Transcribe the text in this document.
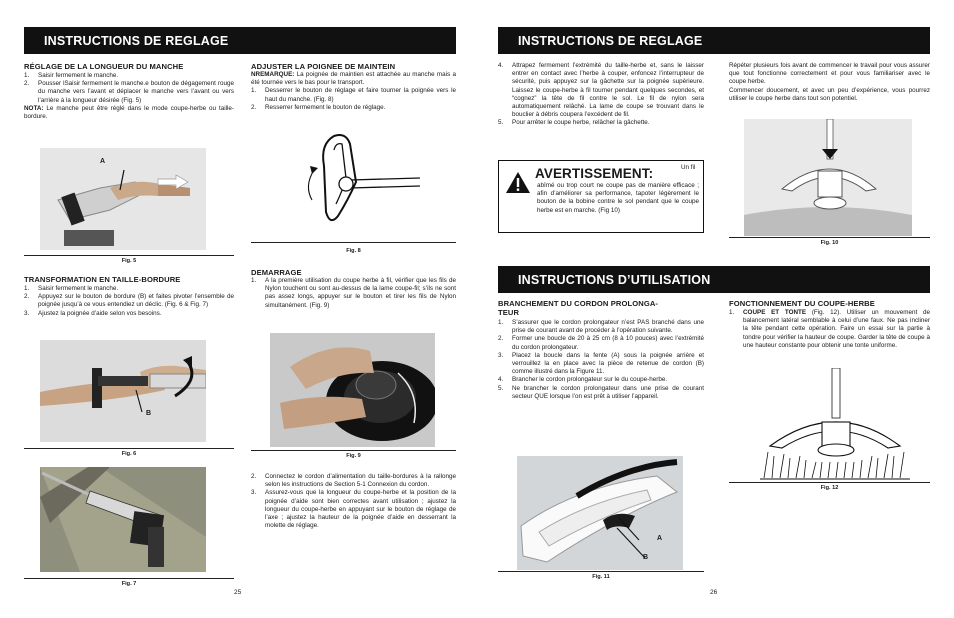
INSTRUCTIONS DE REGLAGE
RÉGLAGE DE LA LONGUEUR DU MANCHE
1.	Saisir fermement le manche.
2.	Pousser lSaisir fermement le manche.e bouton de dégagement rouge du manche vers l’avant et déplacer le manche vers l’avant ou vers l’arrière à la longueur désirée (Fig. 5)
NOTA: Le manche peut être réglé dans le mode coupe-herbe ou taille-bordure.
A
Fig. 5
TRANSFORMATION EN TAILLE-BORDURE
1.	Saisir fermement le manche.
2.	Appuyez sur le bouton de bordure (B) et faites pivoter l’ensemble de poignée jusqu’à ce vous entendiez un déclic. (Fig. 6 & Fig. 7)
3.	Ajustez la poignée d’aide selon vos besoins.
B
Fig. 6
Fig. 7
ADJUSTER LA POIGNEE DE MAINTEIN
NREMARQUE: La poignée de maintien est attachée au manche mais a été tournée vers le bas pour le transport.
1.	Desserrer le bouton de réglage et faire tourner la poignée vers le haut du manche. (Fig. 8)
2.	Resserrer fermement le bouton de réglage.
Fig. 8
DEMARRAGE
1.	A la première utilisation du coupe herbe à fil, vérifier que les fils de Nylon touchent ou sont au-dessus de la lame coupe-fil; s’ils ne sont pas assez longs, appuyer sur le bouton et tirer les fils de Nylon simultanément. (Fig. 9)
Fig. 9
2.	Connectez le cordon d’alimentation du taille-bordures à la rallonge selon les instructions de Section 5-1 Connexion du cordon.
3.	Assurez-vous que la longueur du coupe-herbe et la position de la poignée d’aide sont bien correctes avant utilisation ; ajustez la longueur du coupe-herbe en appuyant sur le bouton de réglage de l’axe ; ajustez la hauteur de la poignée d’aide en desserrant la molette de réglage.
25
INSTRUCTIONS DE REGLAGE
4.	Attrapez fermement l’extrémité du taille-herbe et, sans le laisser entrer en contact avec l’herbe à couper, enfoncez l’interrupteur de sécurité, puis appuyez sur la gâchette sur la poignée supérieure. Laissez le coupe-herbe à fil tourner pendant quelques secondes, et “cognez” la tête de fil contre le sol. Le fil de nylon sera automatiquement relâché. La lame de coupe se trouvant dans le bouclier à débris coupera l’excédent de fil.
5.	Pour arrêter le coupe herbe, relâcher la gâchette.
AVERTISSEMENT:	Un fil
abîmé ou trop court ne coupe pas de manière efficace ; afin d’améliorer sa performance, tapoter légèrement le bouton de la bobine contre le sol pendant que le coupe herbe est en marche. (Fig 10)
Répéter plusieurs fois avant de commencer le travail pour vous assurer que tout fonctionne correctement et pour vous familiariser avec le coupe herbe.
Commencer doucement, et avec un peu d’expérience, vous pourrez utiliser le coupe herbe dans tout son potentiel.
Fig. 10
INSTRUCTIONS D’UTILISATION
BRANCHEMENT DU CORDON PROLONGA-
TEUR
1.	S’assurer que le cordon prolongateur n’est PAS branché dans une prise de courant avant de procéder à l’opération suivante.
2.	Former une boucle de 20 à 25 cm (8 à 10 pouces) avec l’extrémité du cordon prolongateur.
3.	Placez la boucle dans la fente (A) sous la poignée arrière et verrouillez la en place avec la pièce de retenue de cordon (B) comme illustré dans la Figure 11.
4.	Brancher le cordon prolongateur sur le du coupe-herbe.
5.	Ne brancher le cordon prolongateur dans une prise de courant secteur QUE lorsque l’on est prêt à utiliser l’appareil.
A
B
Fig. 11
FONCTIONNEMENT DU COUPE-HERBE
1.	COUPE ET TONTE (Fig. 12). Utiliser un mouvement de balancement latéral semblable à celui d’une faux. Ne pas incliner la tête pendant cette opération. Faire un essai sur la partie à tondre pour vérifier la hauteur de coupe. Garder la tête de coupe à une hauteur constante pour obtenir une tonte uniforme.
Fig. 12
26
